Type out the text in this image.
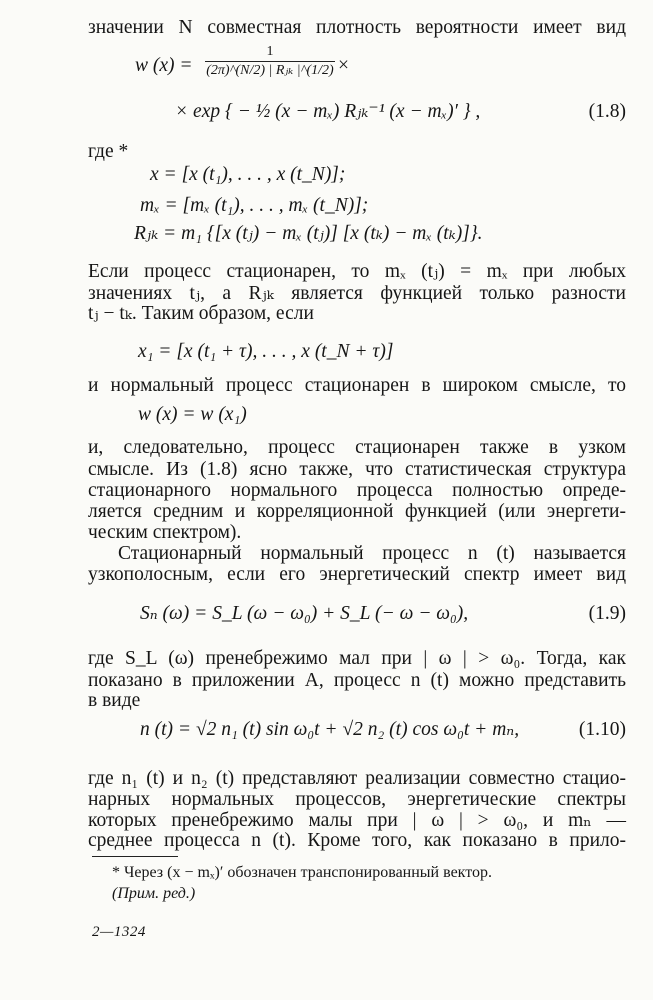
значении N совместная плотность вероятности имеет вид
w (x) =
1
(2π)^(N/2) | Rⱼₖ |^(1/2) ×
× exp { − ½ (x − mₓ) Rⱼₖ⁻¹ (x − mₓ)′ } ,	(1.8)
где *
x = [x (t₁), . . . , x (t_N)];
mₓ = [mₓ (t₁), . . . , mₓ (t_N)];
Rⱼₖ = m₁ {[x (tⱼ) − mₓ (tⱼ)] [x (tₖ) − mₓ (tₖ)]}.
Если процесс стационарен, то mₓ (tⱼ) = mₓ при любых
значениях tⱼ, а Rⱼₖ является функцией только разности
tⱼ − tₖ. Таким образом, если
x₁ = [x (t₁ + τ), . . . , x (t_N + τ)]
и нормальный процесс стационарен в широком смысле, то
w (x) = w (x₁)
и, следовательно, процесс стационарен также в узком
смысле. Из (1.8) ясно также, что статистическая структура
стационарного нормального процесса полностью опреде-
ляется средним и корреляционной функцией (или энергети-
ческим спектром).
Стационарный нормальный процесс n (t) называется
узкополосным, если его энергетический спектр имеет вид
Sₙ (ω) = S_L (ω − ω₀) + S_L (− ω − ω₀),	(1.9)
где S_L (ω) пренебрежимо мал при | ω | > ω₀. Тогда, как
показано в приложении А, процесс n (t) можно представить
в виде
n (t) = √2 n₁ (t) sin ω₀t + √2 n₂ (t) cos ω₀t + mₙ,	(1.10)
где n₁ (t) и n₂ (t) представляют реализации совместно стацио-
нарных нормальных процессов, энергетические спектры
которых пренебрежимо малы при | ω | > ω₀, и mₙ —
среднее процесса n (t). Кроме того, как показано в прило-
* Через (x − mₓ)′ обозначен транспонированный вектор.
(Прим. ред.)
2—1324
